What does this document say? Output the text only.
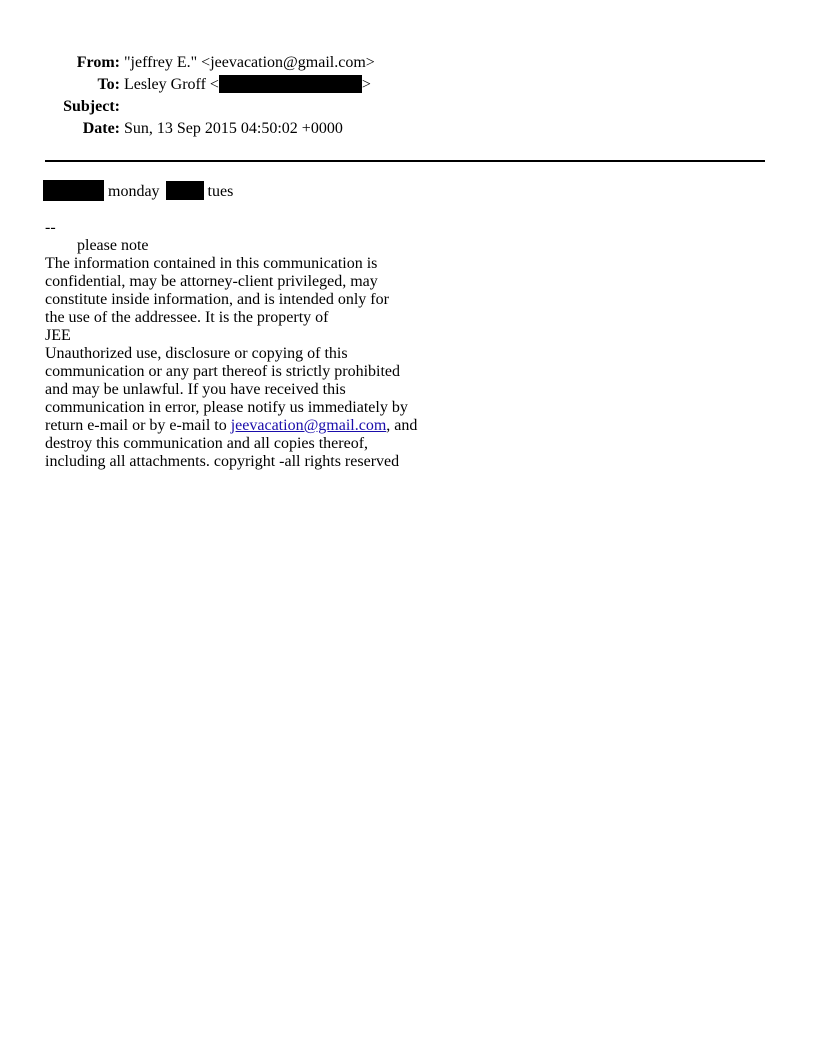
From: "jeffrey E." <jeevacation@gmail.com>
To: Lesley Groff <	>
Subject:
Date: Sun, 13 Sep 2015 04:50:02 +0000
monday	tues
--
please note
The information contained in this communication is
confidential, may be attorney-client privileged, may
constitute inside information, and is intended only for
the use of the addressee. It is the property of
JEE
Unauthorized use, disclosure or copying of this
communication or any part thereof is strictly prohibited
and may be unlawful. If you have received this
communication in error, please notify us immediately by
return e-mail or by e-mail to jeevacation@gmail.com, and
destroy this communication and all copies thereof,
including all attachments. copyright -all rights reserved
